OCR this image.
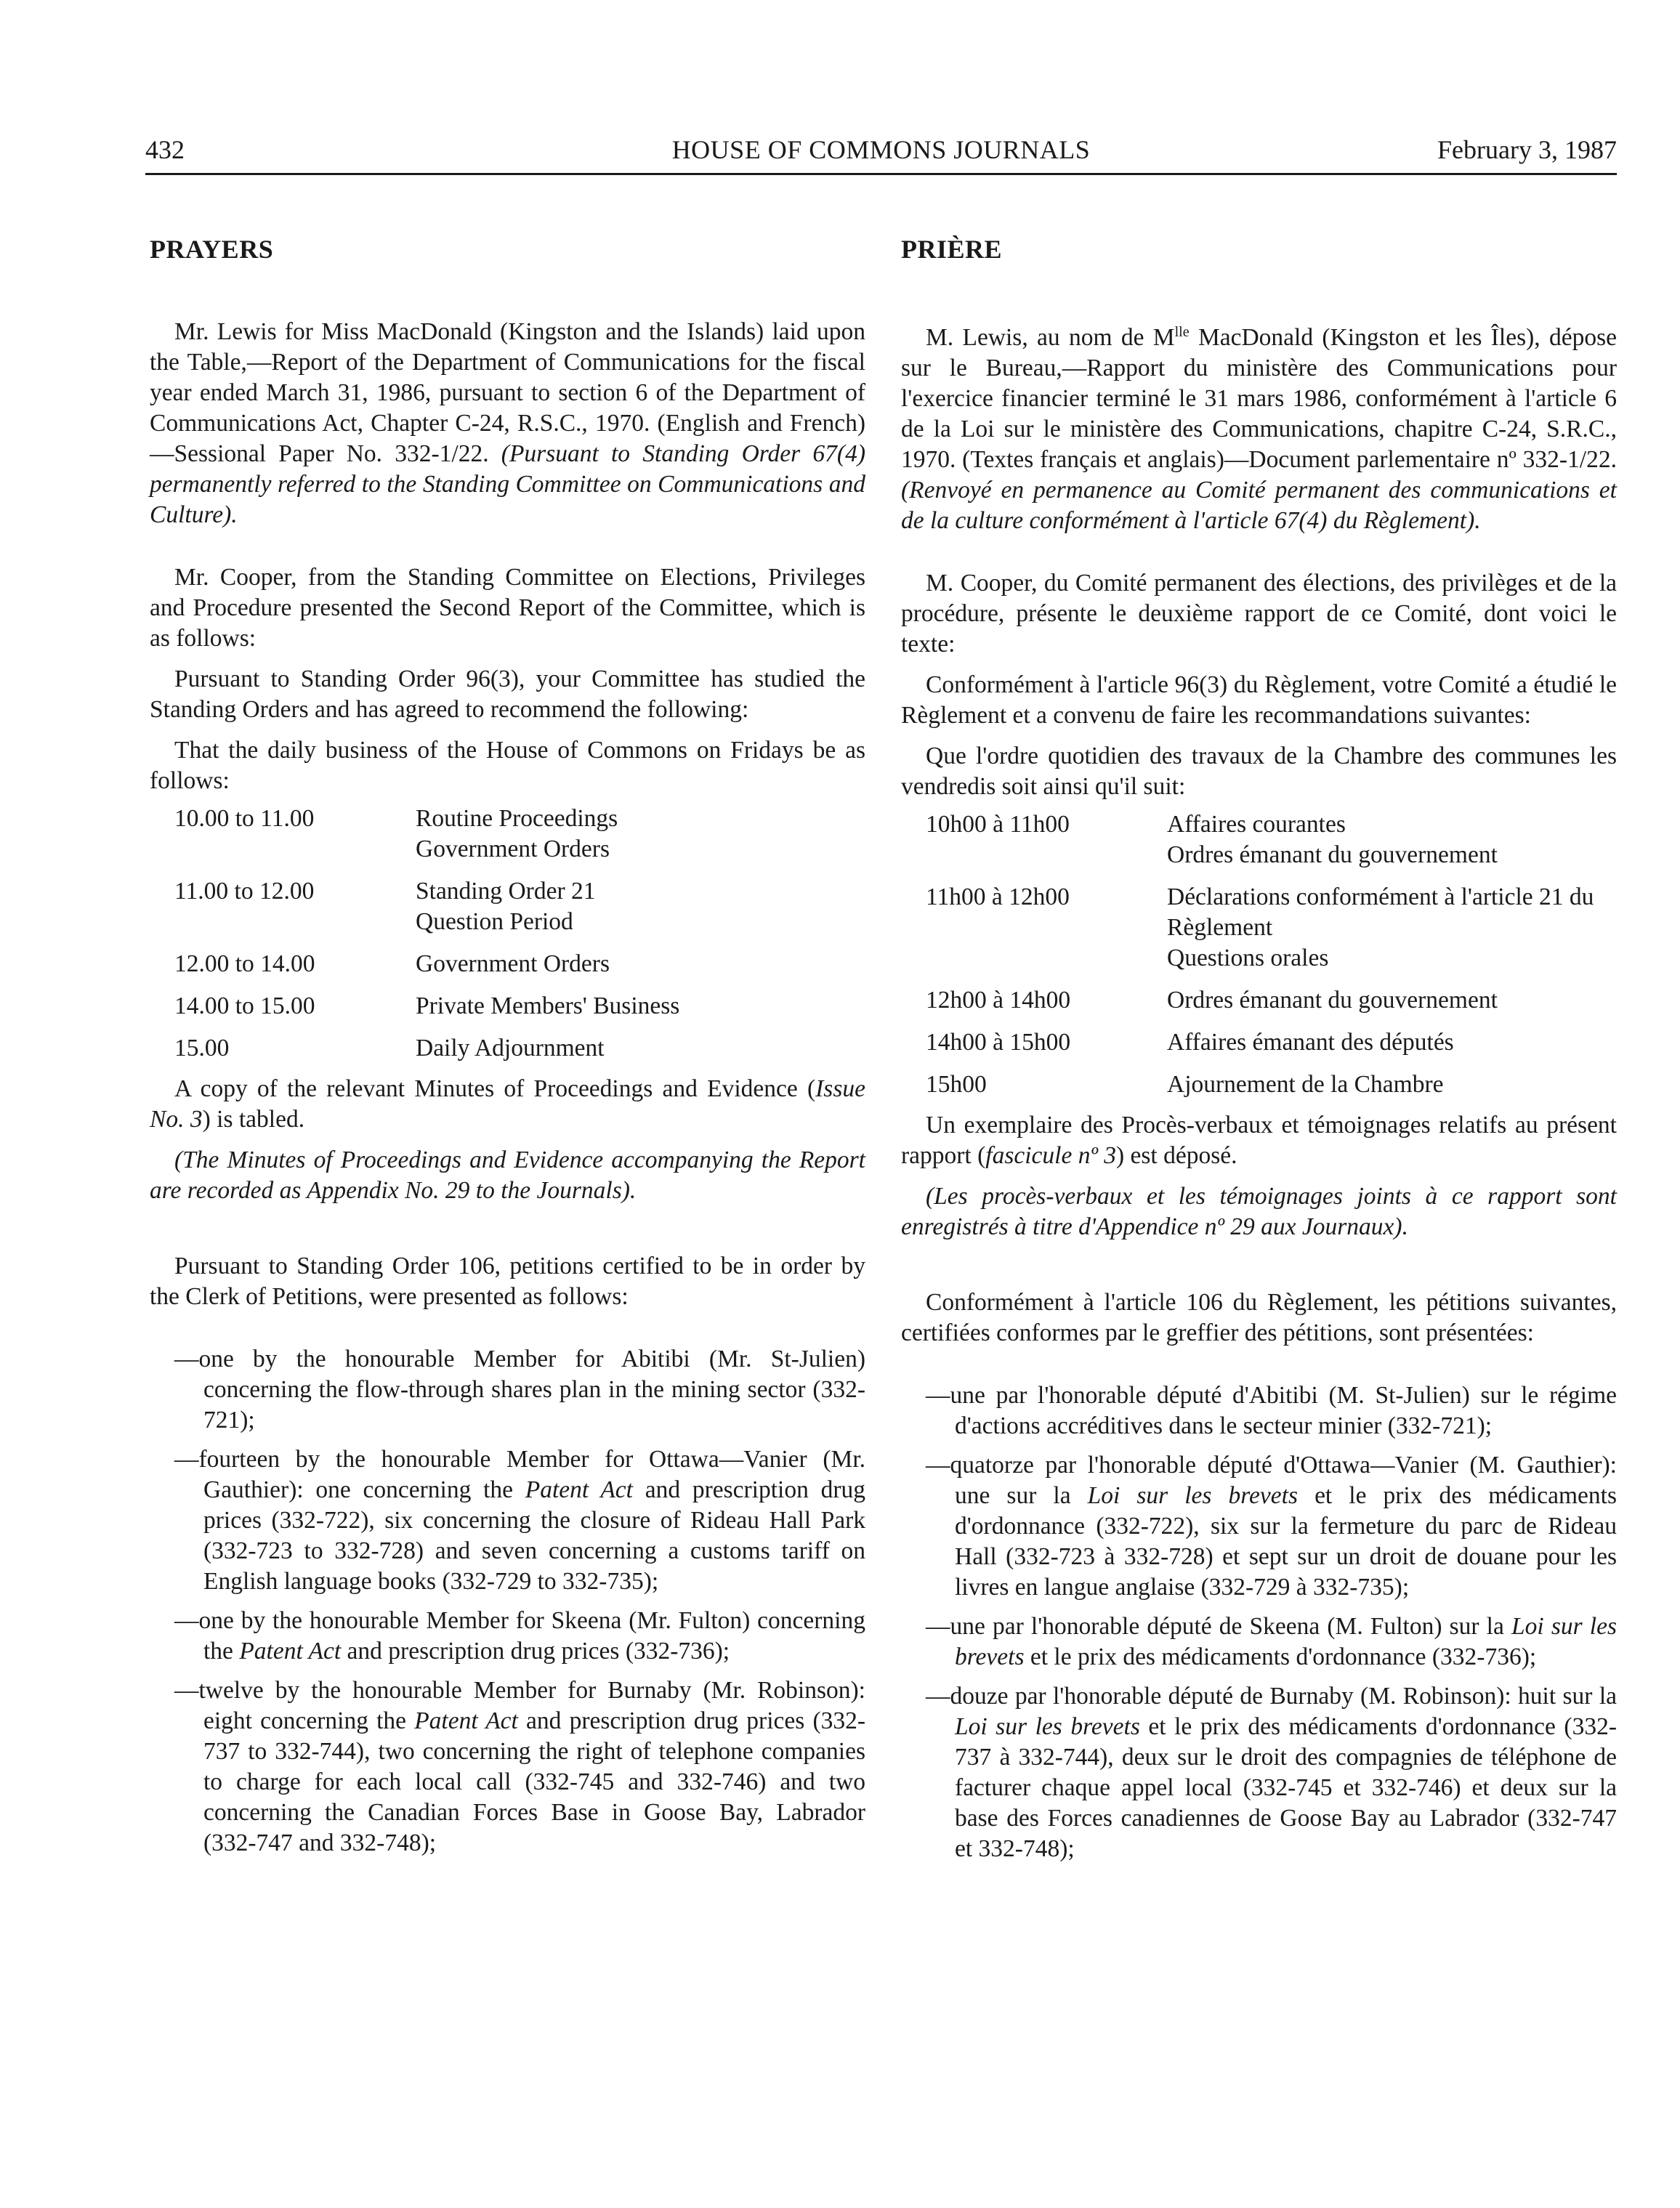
432	HOUSE OF COMMONS JOURNALS	February 3, 1987
PRAYERS

Mr. Lewis for Miss MacDonald (Kingston and the Islands) laid upon the Table,—Report of the Department of Communications for the fiscal year ended March 31, 1986, pursuant to section 6 of the Department of Communications Act, Chapter C-24, R.S.C., 1970. (English and French)—Sessional Paper No. 332-1/22. (Pursuant to Standing Order 67(4) permanently referred to the Standing Committee on Communications and Culture).

Mr. Cooper, from the Standing Committee on Elections, Privileges and Procedure presented the Second Report of the Committee, which is as follows:

Pursuant to Standing Order 96(3), your Committee has studied the Standing Orders and has agreed to recommend the following:

That the daily business of the House of Commons on Fridays be as follows:

10.00 to 11.00	Routine Proceedings
Government Orders
11.00 to 12.00	Standing Order 21
Question Period

12.00 to 14.00	Government Orders
14.00 to 15.00	Private Members' Business
15.00	Daily Adjournment

A copy of the relevant Minutes of Proceedings and Evidence (Issue No. 3) is tabled.

(The Minutes of Proceedings and Evidence accompanying the Report are recorded as Appendix No. 29 to the Journals).

Pursuant to Standing Order 106, petitions certified to be in order by the Clerk of Petitions, were presented as follows:

—one by the honourable Member for Abitibi (Mr. St-Julien) concerning the flow-through shares plan in the mining sector (332-721);

—fourteen by the honourable Member for Ottawa—Vanier (Mr. Gauthier): one concerning the Patent Act and prescription drug prices (332-722), six concerning the closure of Rideau Hall Park (332-723 to 332-728) and seven concerning a customs tariff on English language books (332-729 to 332-735);

—one by the honourable Member for Skeena (Mr. Fulton) concerning the Patent Act and prescription drug prices (332-736);

—twelve by the honourable Member for Burnaby (Mr. Robinson): eight concerning the Patent Act and prescription drug prices (332-737 to 332-744), two concerning the right of telephone companies to charge for each local call (332-745 and 332-746) and two concerning the Canadian Forces Base in Goose Bay, Labrador (332-747 and 332-748);

PRIÈRE

M. Lewis, au nom de $M^{lle}$ MacDonald (Kingston et les Îles), dépose sur le Bureau,—Rapport du ministère des Communications pour l'exercice financier terminé le 31 mars 1986, conformément à l'article 6 de la Loi sur le ministère des Communications, chapitre C-24, S.R.C., 1970. (Textes français et anglais)—Document parlementaire nº 332-1/22. (Renvoyé en permanence au Comité permanent des communications et de la culture conformément à l'article 67(4) du Règlement).

M. Cooper, du Comité permanent des élections, des privilèges et de la procédure, présente le deuxième rapport de ce Comité, dont voici le texte:

Conformément à l'article 96(3) du Règlement, votre Comité a étudié le Règlement et a convenu de faire les recommandations suivantes:

Que l'ordre quotidien des travaux de la Chambre des communes les vendredis soit ainsi qu'il suit:

10h00 à 11h00	Affaires courantes
Ordres émanant du gouvernement
11h00 à 12h00	Déclarations conformément à l'article 21 du Règlement
Questions orales
12h00 à 14h00	Ordres émanant du gouvernement
14h00 à 15h00	Affaires émanant des députés
15h00	Ajournement de la Chambre

Un exemplaire des Procès-verbaux et témoignages relatifs au présent rapport (fascicule nº 3) est déposé.

(Les procès-verbaux et les témoignages joints à ce rapport sont enregistrés à titre d'Appendice nº 29 aux Journaux).

Conformément à l'article 106 du Règlement, les pétitions suivantes, certifiées conformes par le greffier des pétitions, sont présentées:

—une par l'honorable député d'Abitibi (M. St-Julien) sur le régime d'actions accréditives dans le secteur minier (332-721);

—quatorze par l'honorable député d'Ottawa—Vanier (M. Gauthier): une sur la Loi sur les brevets et le prix des médicaments d'ordonnance (332-722), six sur la fermeture du parc de Rideau Hall (332-723 à 332-728) et sept sur un droit de douane pour les livres en langue anglaise (332-729 à 332-735);

—une par l'honorable député de Skeena (M. Fulton) sur la Loi sur les brevets et le prix des médicaments d'ordonnance (332-736);

—douze par l'honorable député de Burnaby (M. Robinson): huit sur la Loi sur les brevets et le prix des médicaments d'ordonnance (332-737 à 332-744), deux sur le droit des compagnies de téléphone de facturer chaque appel local (332-745 et 332-746) et deux sur la base des Forces canadiennes de Goose Bay au Labrador (332-747 et 332-748);
